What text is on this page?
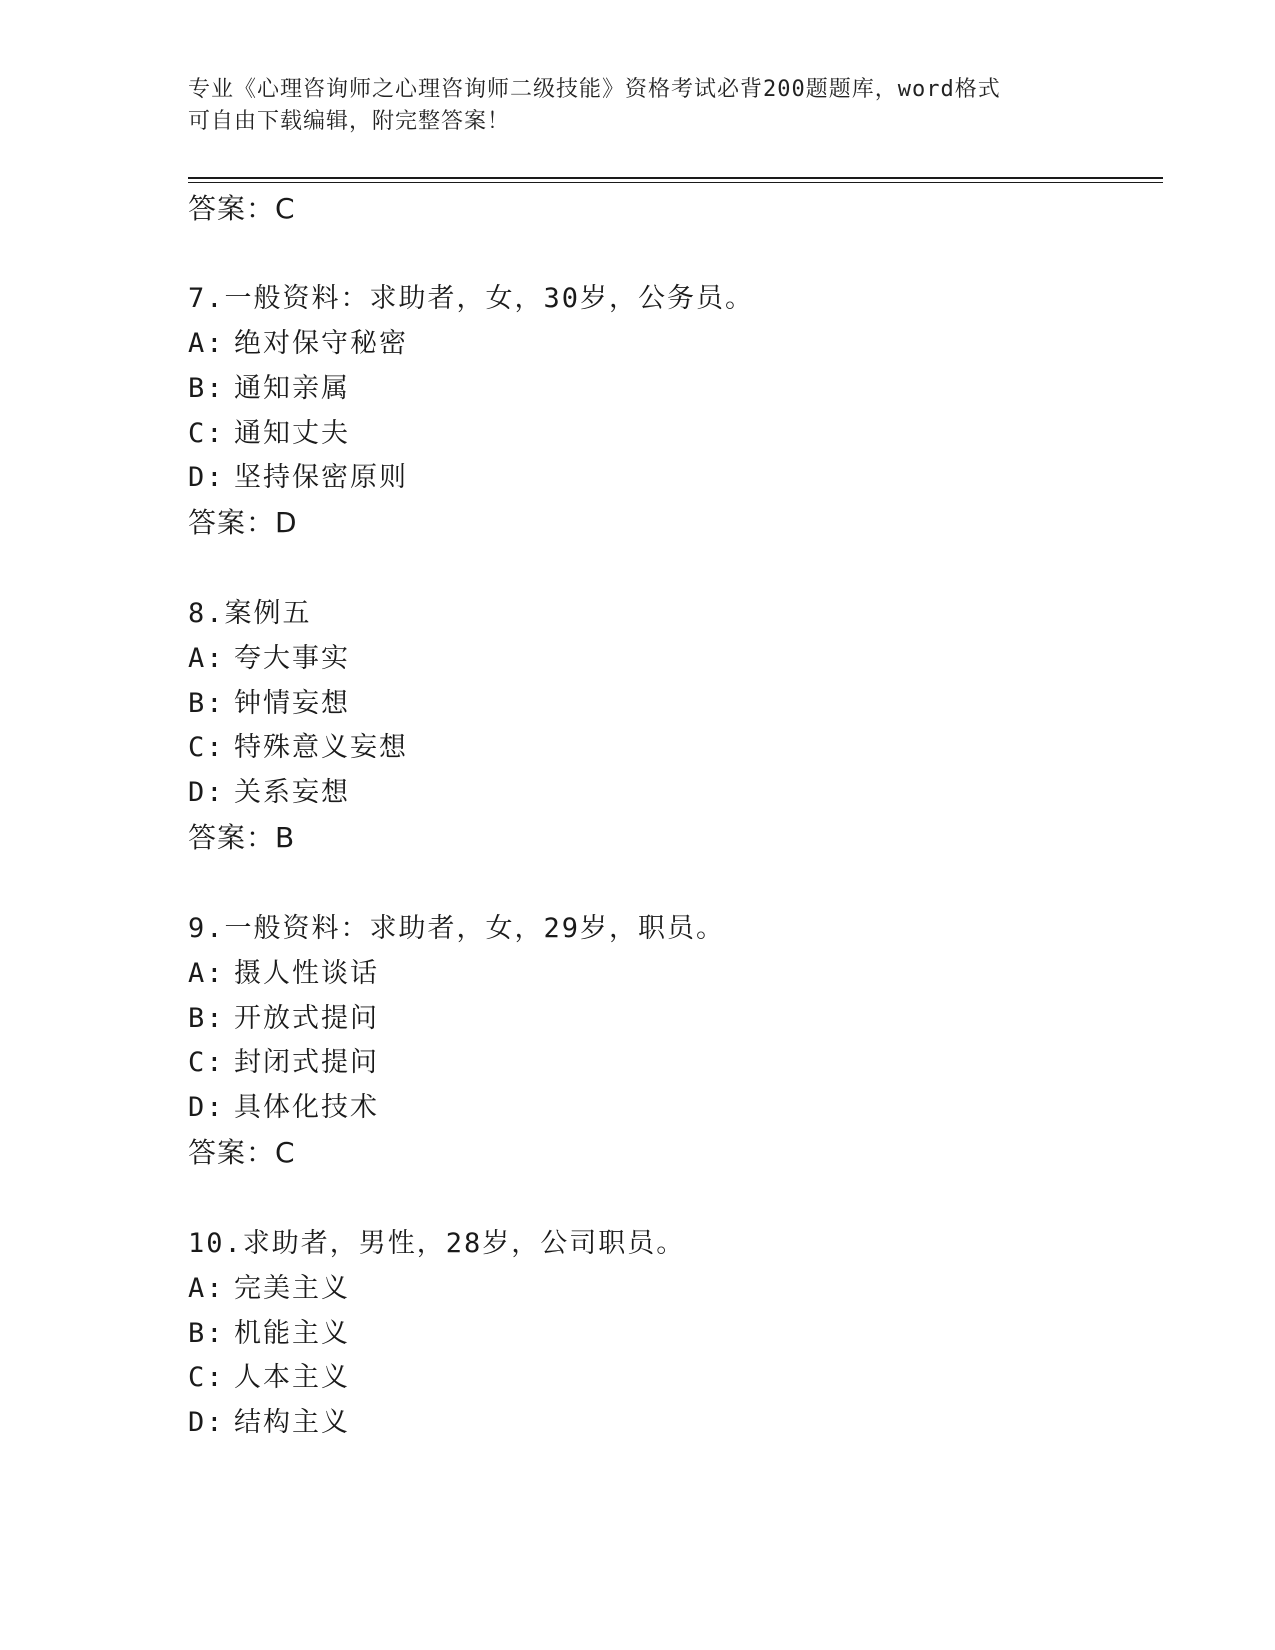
专业《心理咨询师之心理咨询师二级技能》资格考试必背200题题库，word格式
可自由下载编辑，附完整答案！
答案：C
7.一般资料：求助者，女，30岁，公务员。
A: 绝对保守秘密
B: 通知亲属
C: 通知丈夫
D: 坚持保密原则
答案：D
8.案例五
A: 夸大事实
B: 钟情妄想
C: 特殊意义妄想
D: 关系妄想
答案：B
9.一般资料：求助者，女，29岁，职员。
A: 摄人性谈话
B: 开放式提问
C: 封闭式提问
D: 具体化技术
答案：C
10.求助者，男性，28岁，公司职员。
A: 完美主义
B: 机能主义
C: 人本主义
D: 结构主义
